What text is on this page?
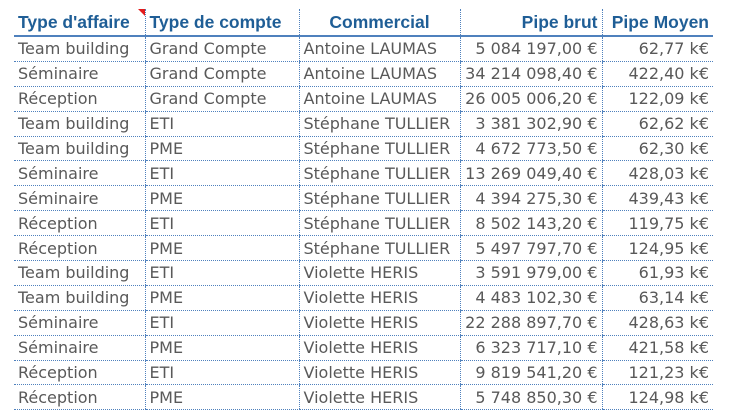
Type d'affaire	Type de compte	Commercial	Pipe brut	Pipe Moyen
Team building	Grand Compte	Antoine LAUMAS	5 084 197,00 €	62,77 k€
Séminaire	Grand Compte	Antoine LAUMAS	34 214 098,40 €	422,40 k€
Réception	Grand Compte	Antoine LAUMAS	26 005 006,20 €	122,09 k€
Team building	ETI	Stéphane TULLIER	3 381 302,90 €	62,62 k€
Team building	PME	Stéphane TULLIER	4 672 773,50 €	62,30 k€
Séminaire	ETI	Stéphane TULLIER	13 269 049,40 €	428,03 k€
Séminaire	PME	Stéphane TULLIER	4 394 275,30 €	439,43 k€
Réception	ETI	Stéphane TULLIER	8 502 143,20 €	119,75 k€
Réception	PME	Stéphane TULLIER	5 497 797,70 €	124,95 k€
Team building	ETI	Violette HERIS	3 591 979,00 €	61,93 k€
Team building	PME	Violette HERIS	4 483 102,30 €	63,14 k€
Séminaire	ETI	Violette HERIS	22 288 897,70 €	428,63 k€
Séminaire	PME	Violette HERIS	6 323 717,10 €	421,58 k€
Réception	ETI	Violette HERIS	9 819 541,20 €	121,23 k€
Réception	PME	Violette HERIS	5 748 850,30 €	124,98 k€
